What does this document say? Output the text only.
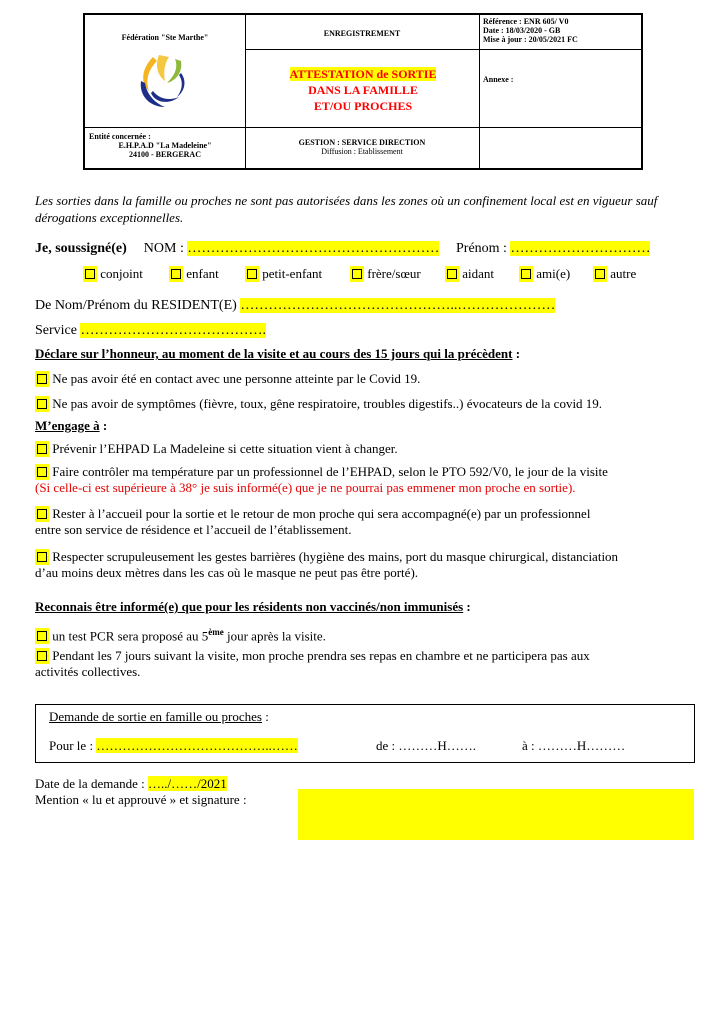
Fédération "Ste Marthe"	ENREGISTREMENT
Référence : ENR 605/ V0
Date : 18/03/2020 - GB
Mise à jour : 20/05/2021 FC
ATTESTATION de SORTIE
DANS LA FAMILLE
ET/OU PROCHES
Annexe :
Entité concernée :
E.H.P.A.D "La Madeleine"
24100 - BERGERAC
GESTION : SERVICE DIRECTION
Diffusion : Etablissement
Les sorties dans la famille ou proches ne sont pas autorisées dans les zones où un confinement local est en vigueur sauf dérogations exceptionnelles.
Je, soussigné(e) NOM : ……………………………………………… Prénom : …………………………
conjoint	enfant	petit-enfant	frère/sœur	aidant	ami(e)	autre
De Nom/Prénom du RESIDENT(E) ………………………………………..…………………
Service ………………………………….
Déclare sur l’honneur, au moment de la visite et au cours des 15 jours qui la précèdent :
Ne pas avoir été en contact avec une personne atteinte par le Covid 19.
Ne pas avoir de symptômes (fièvre, toux, gêne respiratoire, troubles digestifs..) évocateurs de la covid 19.
M’engage à :
Prévenir l’EHPAD La Madeleine si cette situation vient à changer.
Faire contrôler ma température par un professionnel de l’EHPAD, selon le PTO 592/V0, le jour de la visite
(Si celle-ci est supérieure à 38° je suis informé(e) que je ne pourrai pas emmener mon proche en sortie).
Rester à l’accueil pour la sortie et le retour de mon proche qui sera accompagné(e) par un professionnel
entre son service de résidence et l’accueil de l’établissement.
Respecter scrupuleusement les gestes barrières (hygiène des mains, port du masque chirurgical, distanciation
d’au moins deux mètres dans les cas où le masque ne peut pas être porté).
Reconnais être informé(e) que pour les résidents non vaccinés/non immunisés :
un test PCR sera proposé au 5ème jour après la visite.
Pendant les 7 jours suivant la visite, mon proche prendra ses repas en chambre et ne participera pas aux
activités collectives.
Demande de sortie en famille ou proches :
Pour le : …………………………………..……	de : ………H…….	à : ………H………
Date de la demande : …../……/2021
Mention « lu et approuvé » et signature :
